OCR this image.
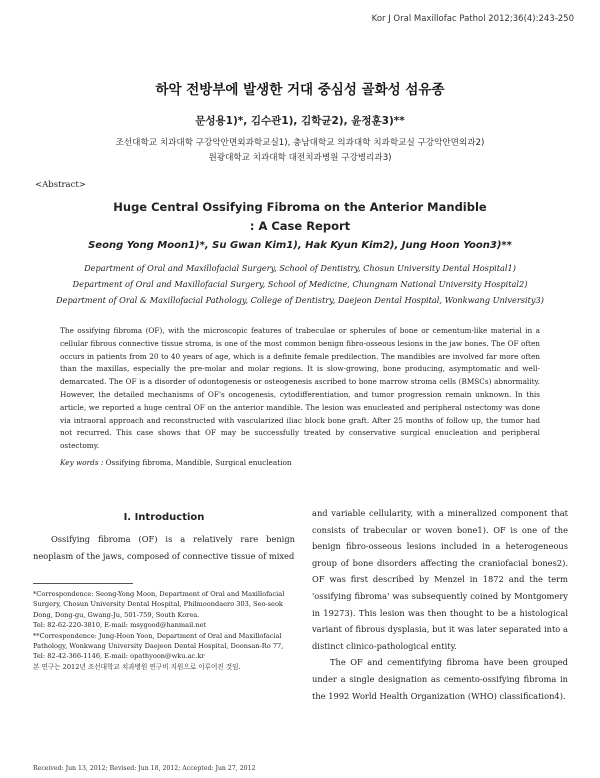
Kor J Oral Maxillofac Pathol 2012;36(4):243-250
하악 전방부에 발생한 거대 중심성 골화성 섬유종
문성용1)*, 김수관1), 김학균2), 윤정훈3)**
조선대학교 치과대학 구강악안면외과학교실1), 충남대학교 의과대학 치과학교실 구강악안면외과2)
원광대학교 치과대학 대전치과병원 구강병리과3)
<Abstract>
Huge Central Ossifying Fibroma on the Anterior Mandible
: A Case Report
Seong Yong Moon1)*, Su Gwan Kim1), Hak Kyun Kim2), Jung Hoon Yoon3)**
Department of Oral and Maxillofacial Surgery, School of Dentistry, Chosun University Dental Hospital1)
Department of Oral and Maxillofacial Surgery, School of Medicine, Chungnam National University Hospital2)
Department of Oral & Maxillofacial Pathology, College of Dentistry, Daejeon Dental Hospital, Wonkwang University3)
The ossifying fibroma (OF), with the microscopic features of trabeculae or spherules of bone or cementum-like material in a cellular fibrous connective tissue stroma, is one of the most common benign fibro-osseous lesions in the jaw bones. The OF often occurs in patients from 20 to 40 years of age, which is a definite female predilection. The mandibles are involved far more often than the maxillas, especially the pre-molar and molar regions. It is slow-growing, bone producing, asymptomatic and well-demarcated. The OF is a disorder of odontogenesis or osteogenesis ascribed to bone marrow stroma cells (BMSCs) abnormality. However, the detailed mechanisms of OF's oncogenesis, cytodifferentiation, and tumor progression remain unknown. In this article, we reported a huge central OF on the anterior mandible. The lesion was enucleated and peripheral ostectomy was done via intraoral approach and reconstructed with vascularized iliac block bone graft. After 25 months of follow up, the tumor had not recurred. This case shows that OF may be successfully treated by conservative surgical enucleation and peripheral ostectomy.
Key words : Ossifying fibroma, Mandible, Surgical enucleation
Ⅰ. Introduction

Ossifying fibroma (OF) is a relatively rare benign neoplasm of the jaws, composed of connective tissue of mixed

*Correspondence: Seong-Yong Moon, Department of Oral and Maxillofacial Surgery, Chosun University Dental Hospital, Philmoondaero 303, Seo-seok Dong, Dong-gu, Gwang-Ju, 501-759, South Korea.

Tel: 82-62-220-3810, E-mail: msygood@hanmail.net

**Correspondence: Jung-Hoon Yoon, Department of Oral and Maxillofacial Pathology, Wonkwang University Daejeon Dental Hospital, Doonsan-Ro 77,

Tel: 82-42-366-1146, E-mail: opathyoon@wku.ac.kr

본 연구는 2012년 조선대학교 치과병원 연구비 지원으로 이루어진 것임.

Received: Jun 13, 2012; Revised: Jun 18, 2012; Accepted: Jun 27, 2012

and variable cellularity, with a mineralized component that consists of trabecular or woven bone1). OF is one of the benign fibro-osseous lesions included in a heterogeneous group of bone disorders affecting the craniofacial bones2). OF was first described by Menzel in 1872 and the term 'ossifying fibroma' was subsequently coined by Montgomery in 19273). This lesion was then thought to be a histological variant of fibrous dysplasia, but it was later separated into a distinct clinico-pathological entity.

The OF and cementifying fibroma have been grouped under a single designation as cemento-ossifying fibroma in the 1992 World Health Organization (WHO) classification4).
